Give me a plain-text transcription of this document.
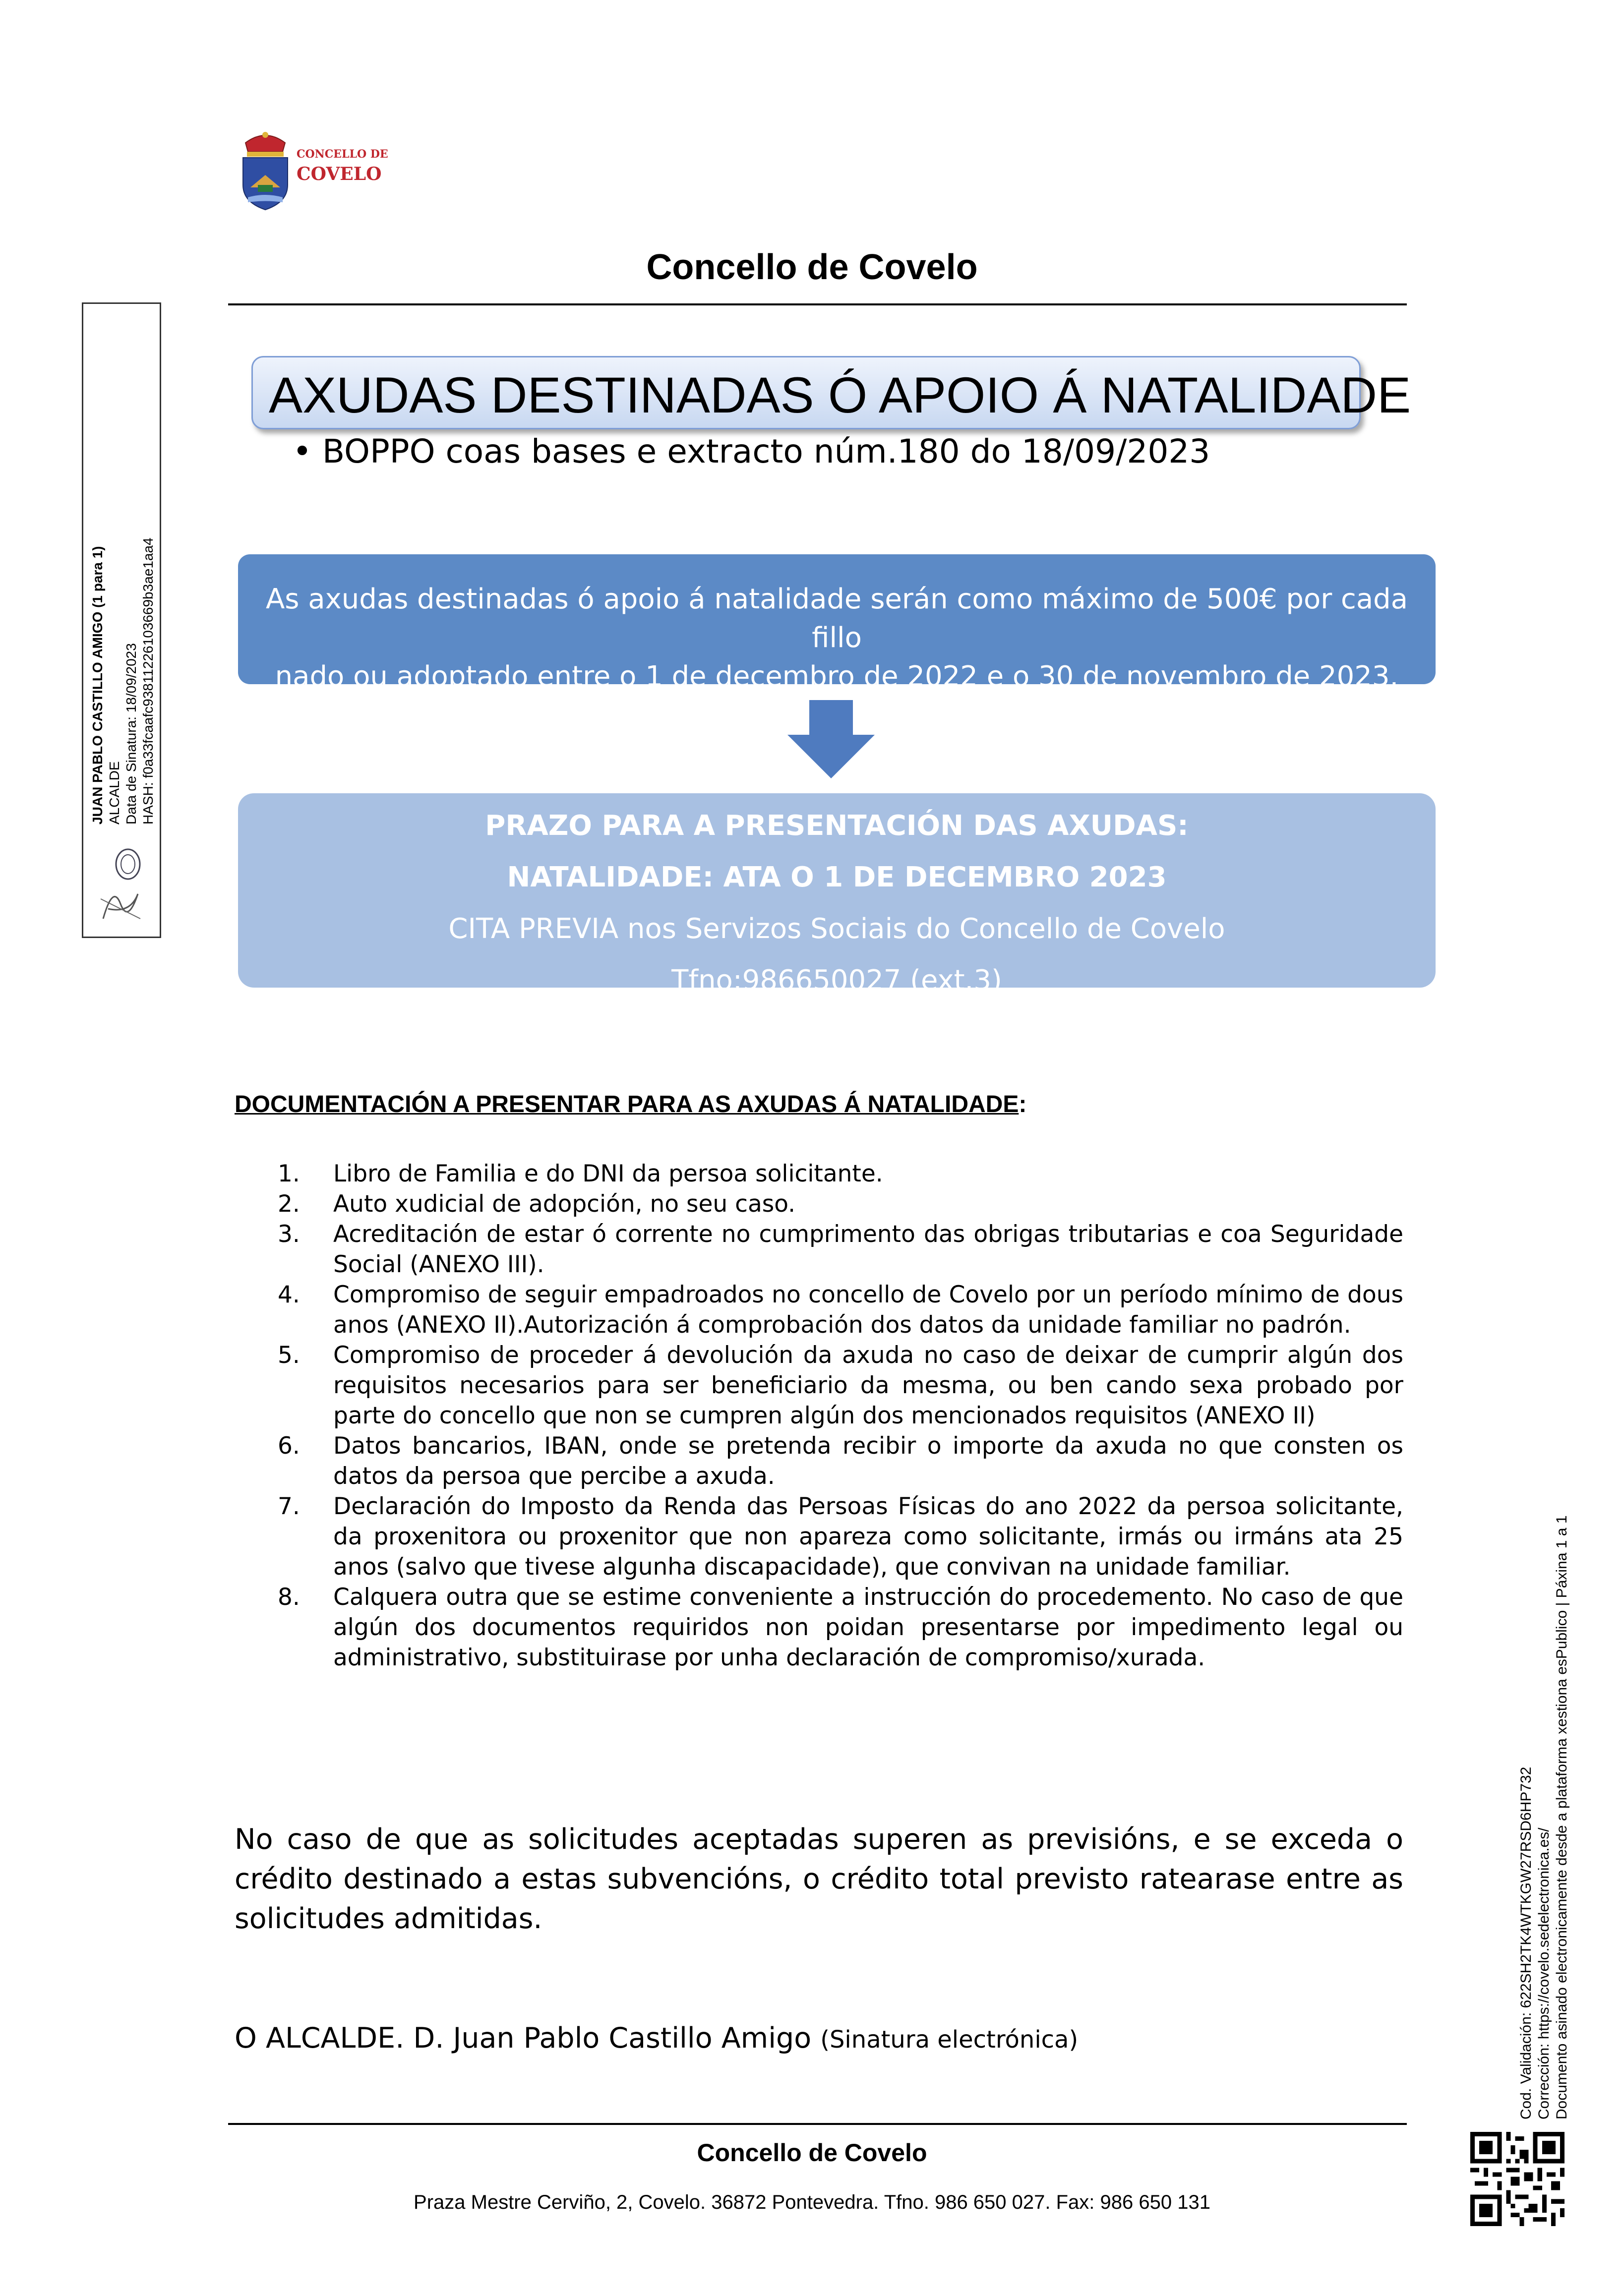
CONCELLO DE
COVELO
Concello de Covelo
AXUDAS DESTINADAS Ó APOIO Á NATALIDADE
• BOPPO coas bases e extracto núm.180 do 18/09/2023
As axudas destinadas ó apoio á natalidade serán como máximo de 500€ por cada fillo
nado ou adoptado entre o 1 de decembro de 2022 e o 30 de novembro de 2023.
PRAZO PARA A PRESENTACIÓN DAS AXUDAS:
NATALIDADE: ATA O 1 DE DECEMBRO 2023
CITA PREVIA nos Servizos Sociais do Concello de Covelo
Tfno:986650027 (ext.3)
DOCUMENTACIÓN A PRESENTAR PARA AS AXUDAS Á NATALIDADE:
1. Libro de Familia e do DNI da persoa solicitante.
2. Auto xudicial de adopción, no seu caso.
3. Acreditación de estar ó corrente no cumprimento das obrigas tributarias e coa Seguridade Social (ANEXO III).
4. Compromiso de seguir empadroados no concello de Covelo por un período mínimo de dous anos (ANEXO II).Autorización á comprobación dos datos da unidade familiar no padrón.
5. Compromiso de proceder á devolución da axuda no caso de deixar de cumprir algún dos requisitos necesarios para ser beneficiario da mesma, ou ben cando sexa probado por parte do concello que non se cumpren algún dos mencionados requisitos (ANEXO II)
6. Datos bancarios, IBAN, onde se pretenda recibir o importe da axuda no que consten os datos da persoa que percibe a axuda.
7. Declaración do Imposto da Renda das Persoas Físicas do ano 2022 da persoa solicitante, da proxenitora ou proxenitor que non apareza como solicitante, irmás ou irmáns ata 25 anos (salvo que tivese algunha discapacidade), que convivan na unidade familiar.
8. Calquera outra que se estime conveniente a instrucción do procedemento. No caso de que algún dos documentos requiridos non poidan presentarse por impedimento legal ou administrativo, substituirase por unha declaración de compromiso/xurada.
No caso de que as solicitudes aceptadas superen as previsións, e se exceda o crédito destinado a estas subvencións, o crédito total previsto ratearase entre as solicitudes admitidas.
O ALCALDE. D. Juan Pablo Castillo Amigo (Sinatura electrónica)
Concello de Covelo
Praza Mestre Cerviño, 2, Covelo. 36872 Pontevedra. Tfno. 986 650 027. Fax: 986 650 131
JUAN PABLO CASTILLO AMIGO (1 para 1) ALCALDE Data de Sinatura: 18/09/2023 HASH: f0a33fcaafc93811226103669b3ae1aa4
Cod. Validación: 622SH2TK4WTKGW27RSD6HP732 Corrección: https://covelo.sedelectronica.es/ Documento asinado electronicamente desde a plataforma xestiona esPublico | Páxina 1 a 1
